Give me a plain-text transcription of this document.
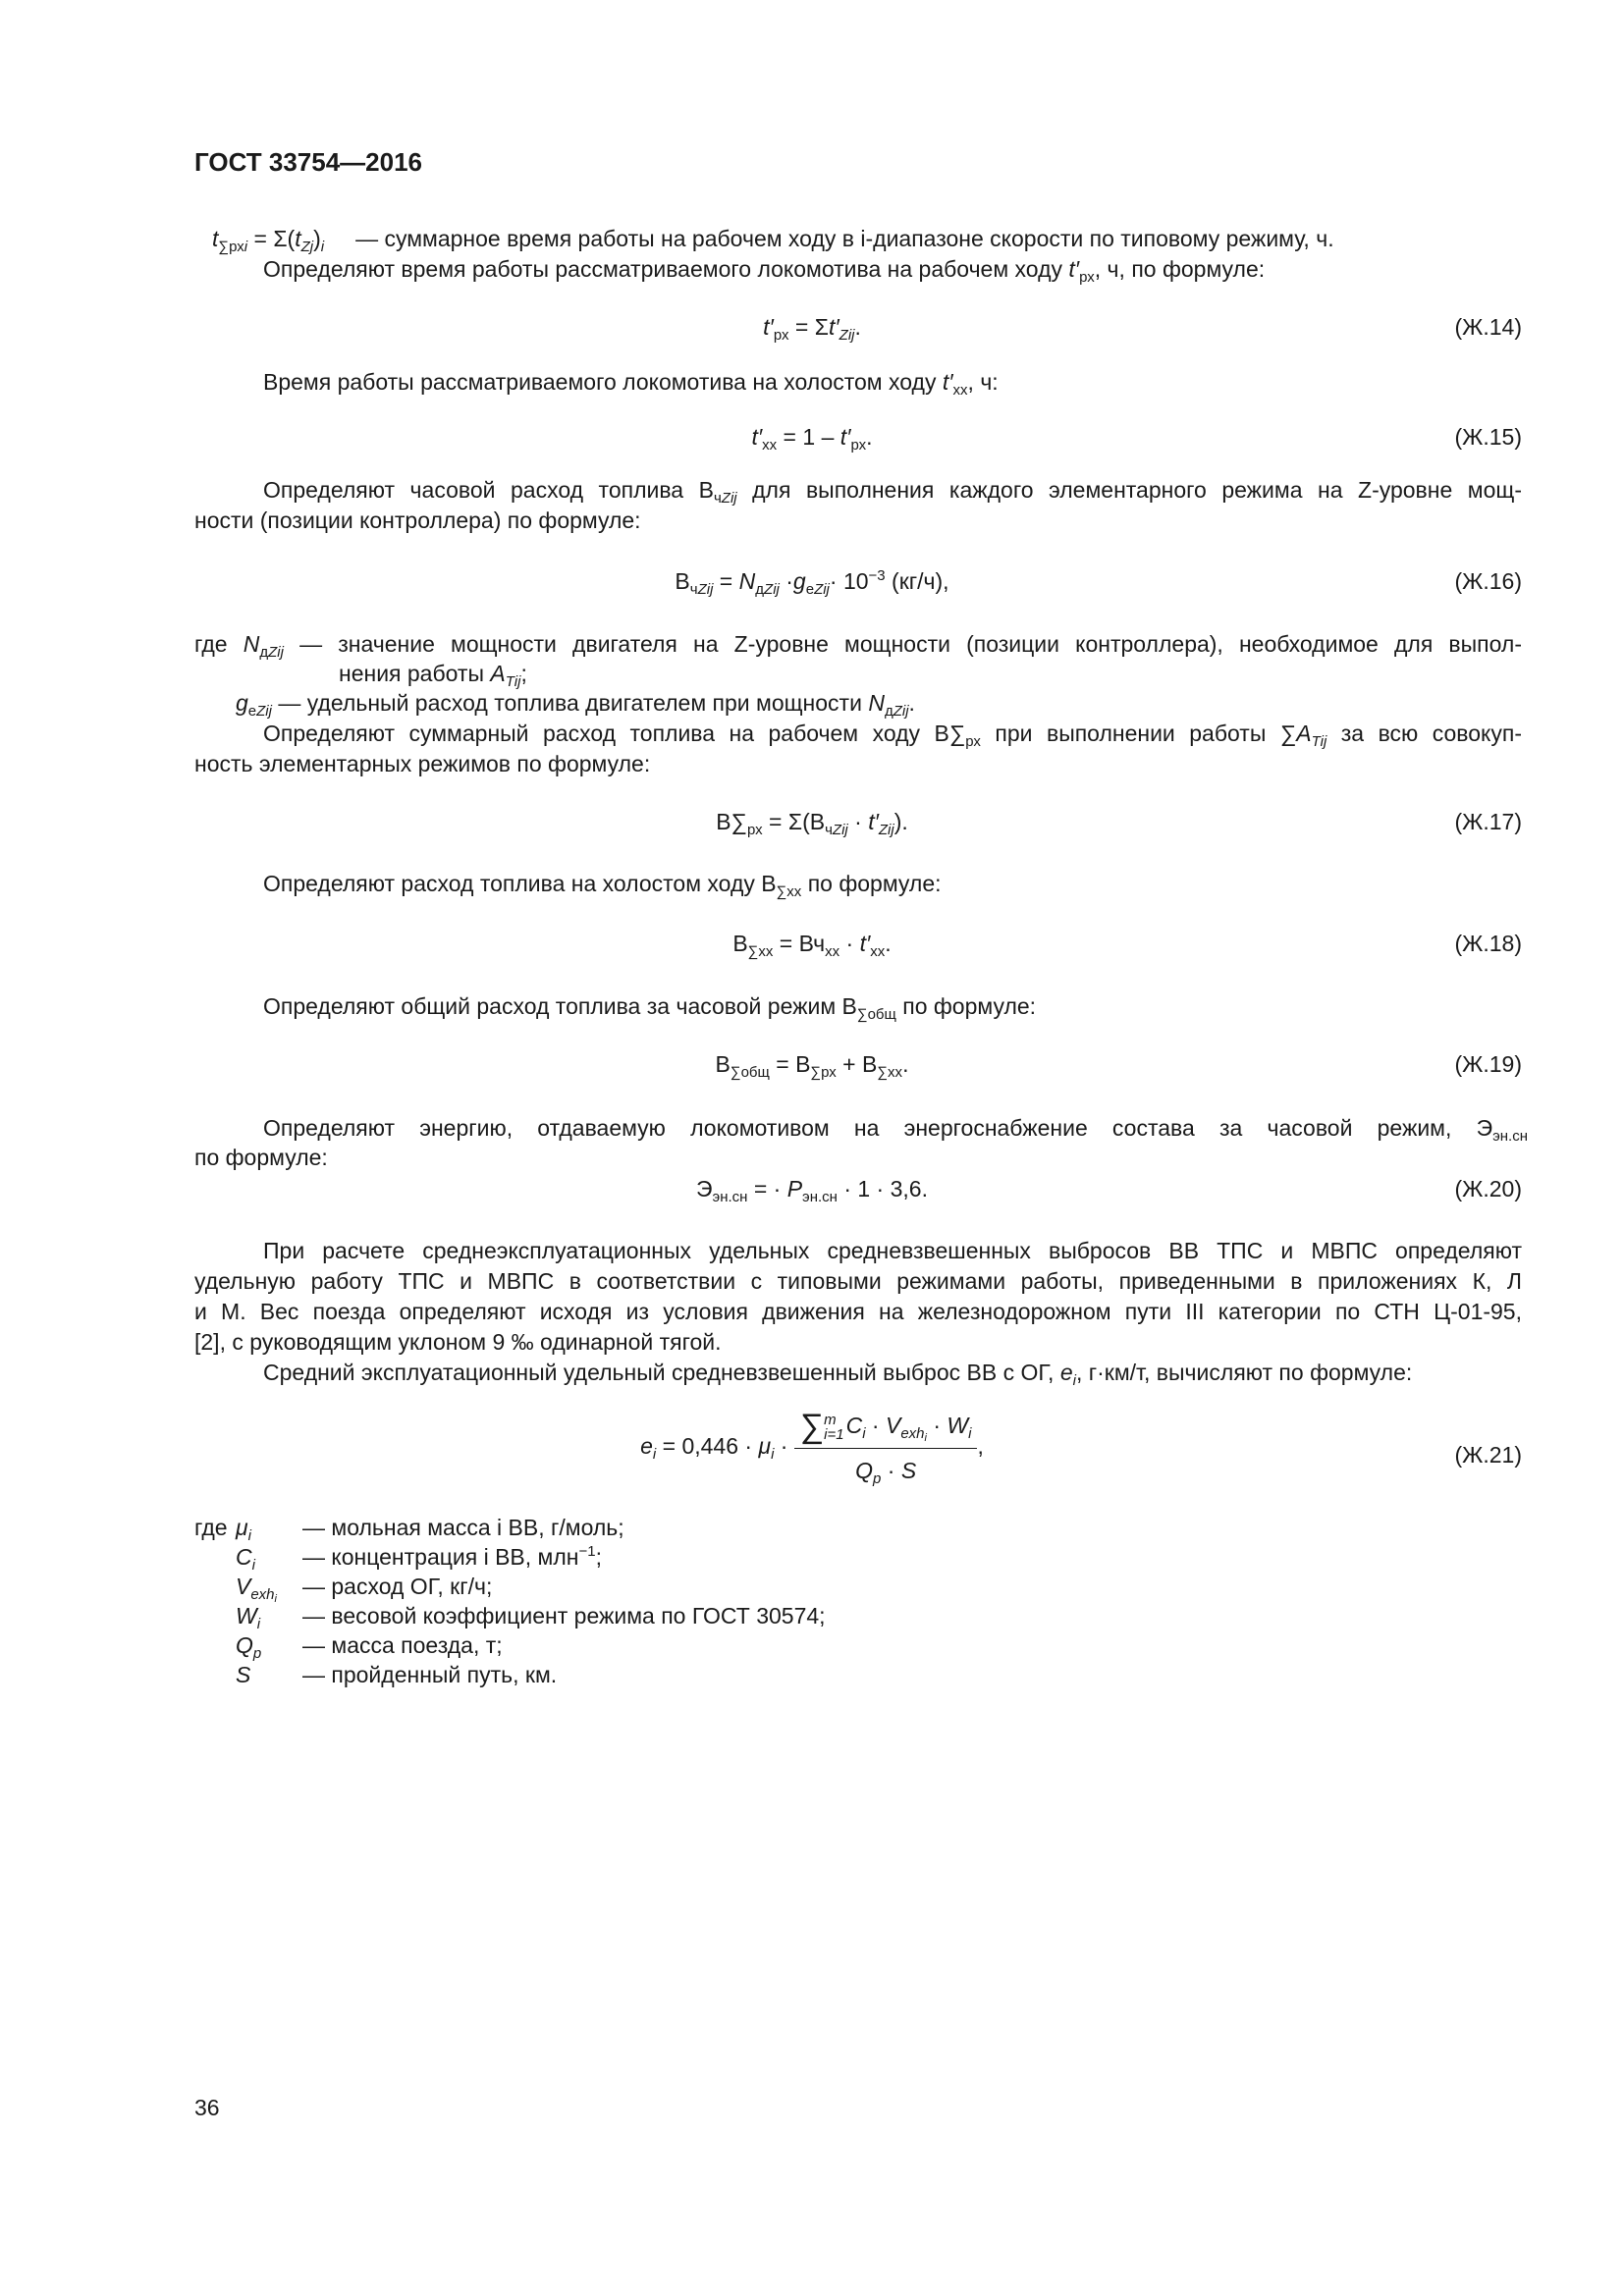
ГОСТ 33754—2016
$t_{\sum рхi} = \Sigma(t_{Zj})_i$ — суммарное время работы на рабочем ходу в i-диапазоне скорости по типовому режиму, ч.
Определяют время работы рассматриваемого локомотива на рабочем ходу $t'_{рх}$, ч, по формуле:
$t'_{рх} = \Sigma t'_{Zij}$.	(Ж.14)
Время работы рассматриваемого локомотива на холостом ходу $t'_{хх}$, ч:
$t'_{хх} = 1 - t'_{рх}$.	(Ж.15)
Определяют часовой расход топлива $В_{чZij}$ для выполнения каждого элементарного режима на Z-уровне мощ-
ности (позиции контроллера) по формуле:
$В_{чZij} = N_{дZij} \cdot g_{eZij}\cdot 10^{-3}$ (кг/ч),	(Ж.16)
где $N_{дZij}$ — значение мощности двигателя на Z-уровне мощности (позиции контроллера), необходимое для выпол-
нения работы $A_{Tij}$;
$g_{eZij}$ — удельный расход топлива двигателем при мощности $N_{дZij}$.
Определяют суммарный расход топлива на рабочем ходу $В\sum_{рх}$ при выполнении работы $\sum A_{Tij}$ за всю совокуп-
ность элементарных режимов по формуле:
$В\sum_{рх} = \Sigma(В_{чZij} \cdot t'_{Zij})$.	(Ж.17)
Определяют расход топлива на холостом ходу $В_{\sum хх}$ по формуле:
$В_{\sum хх} = Вч_{хх} \cdot t'_{хх}$.	(Ж.18)
Определяют общий расход топлива за часовой режим $В_{\sum общ}$ по формуле:
$В_{\sum общ} = В_{\sum рх} + В_{\sum хх}$.	(Ж.19)
Определяют энергию, отдаваемую локомотивом на энергоснабжение состава за часовой режим, $Э_{эн.сн}$
по формуле:
$Э_{эн.сн}$ = · $P_{эн.сн} \cdot 1 \cdot 3,6$.	(Ж.20)
При расчете среднеэксплуатационных удельных средневзвешенных выбросов ВВ ТПС и МВПС определяют
удельную работу ТПС и МВПС в соответствии с типовыми режимами работы, приведенными в приложениях К, Л
и М. Вес поезда определяют исходя из условия движения на железнодорожном пути III категории по СТН Ц-01-95,
[2], с руководящим уклоном 9 ‰ одинарной тягой.
Средний эксплуатационный удельный средневзвешенный выброс ВВ с ОГ, $e_i$, г·км/т, вычисляют по формуле:
$e_i = 0,446 \cdot \mu_i$ ·
∑m
$i=1C_i \cdot V_{exh_i} \cdot W_i$
$Q_p \cdot S$
,	(Ж.21)
где $\mu_i$ — мольная масса i ВВ, г/моль;
$C_i$ — концентрация i ВВ, млн$^{-1}$;
$V_{exh_i}$ — расход ОГ, кг/ч;
$W_i$ — весовой коэффициент режима по ГОСТ 30574;
$Q_p$ — масса поезда, т;
S — пройденный путь, км.
36
